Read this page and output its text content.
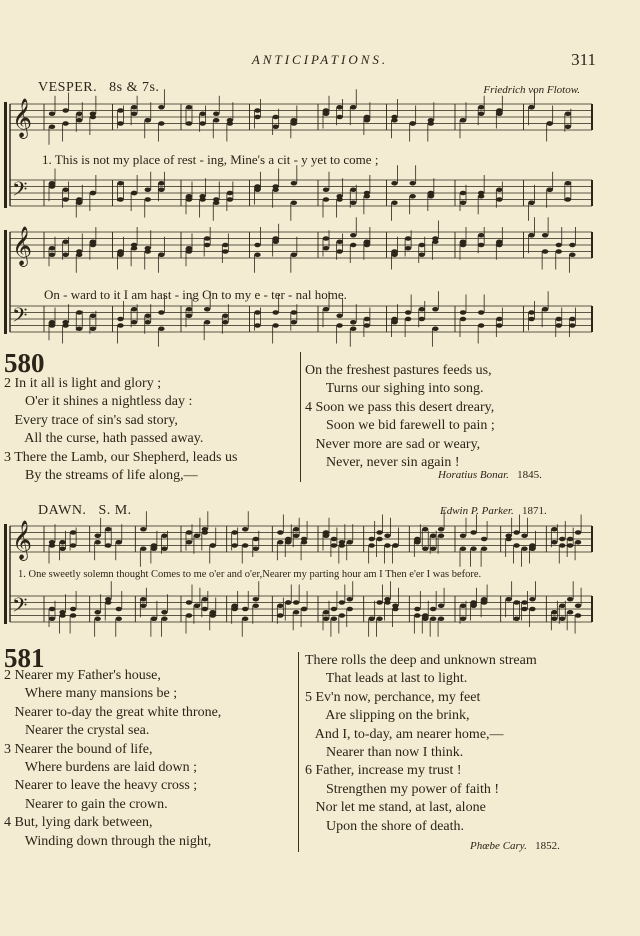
ANTICIPATIONS.	311
VESPER. 8s & 7s.	Friedrich von Flotow.
𝄞
𝄢
1. This is not my place of rest - ing, Mine's a cit - y yet to come ;
𝄞
𝄢
On - ward to it I am hast - ing On to my e - ter - nal home.
580
2 In it all is light and glory ;
O'er it shines a nightless day :
Every trace of sin's sad story,
All the curse, hath passed away.
3 There the Lamb, our Shepherd, leads us
By the streams of life along,—
On the freshest pastures feeds us,
Turns our sighing into song.
4 Soon we pass this desert dreary,
Soon we bid farewell to pain ;
Never more are sad or weary,
Never, never sin again !
Horatius Bonar. 1845.
DAWN. S. M.	Edwin P. Parker. 1871.
𝄞
𝄢
1. One sweetly solemn thought Comes to me o'er and o'er,Nearer my parting hour am I Then e'er I was before.
581
2 Nearer my Father's house,
Where many mansions be ;
Nearer to-day the great white throne,
Nearer the crystal sea.
3 Nearer the bound of life,
Where burdens are laid down ;
Nearer to leave the heavy cross ;
Nearer to gain the crown.
4 But, lying dark between,
Winding down through the night,
There rolls the deep and unknown stream
That leads at last to light.
5 Ev'n now, perchance, my feet
Are slipping on the brink,
And I, to-day, am nearer home,—
Nearer than now I think.
6 Father, increase my trust !
Strengthen my power of faith !
Nor let me stand, at last, alone
Upon the shore of death.
Phœbe Cary. 1852.
